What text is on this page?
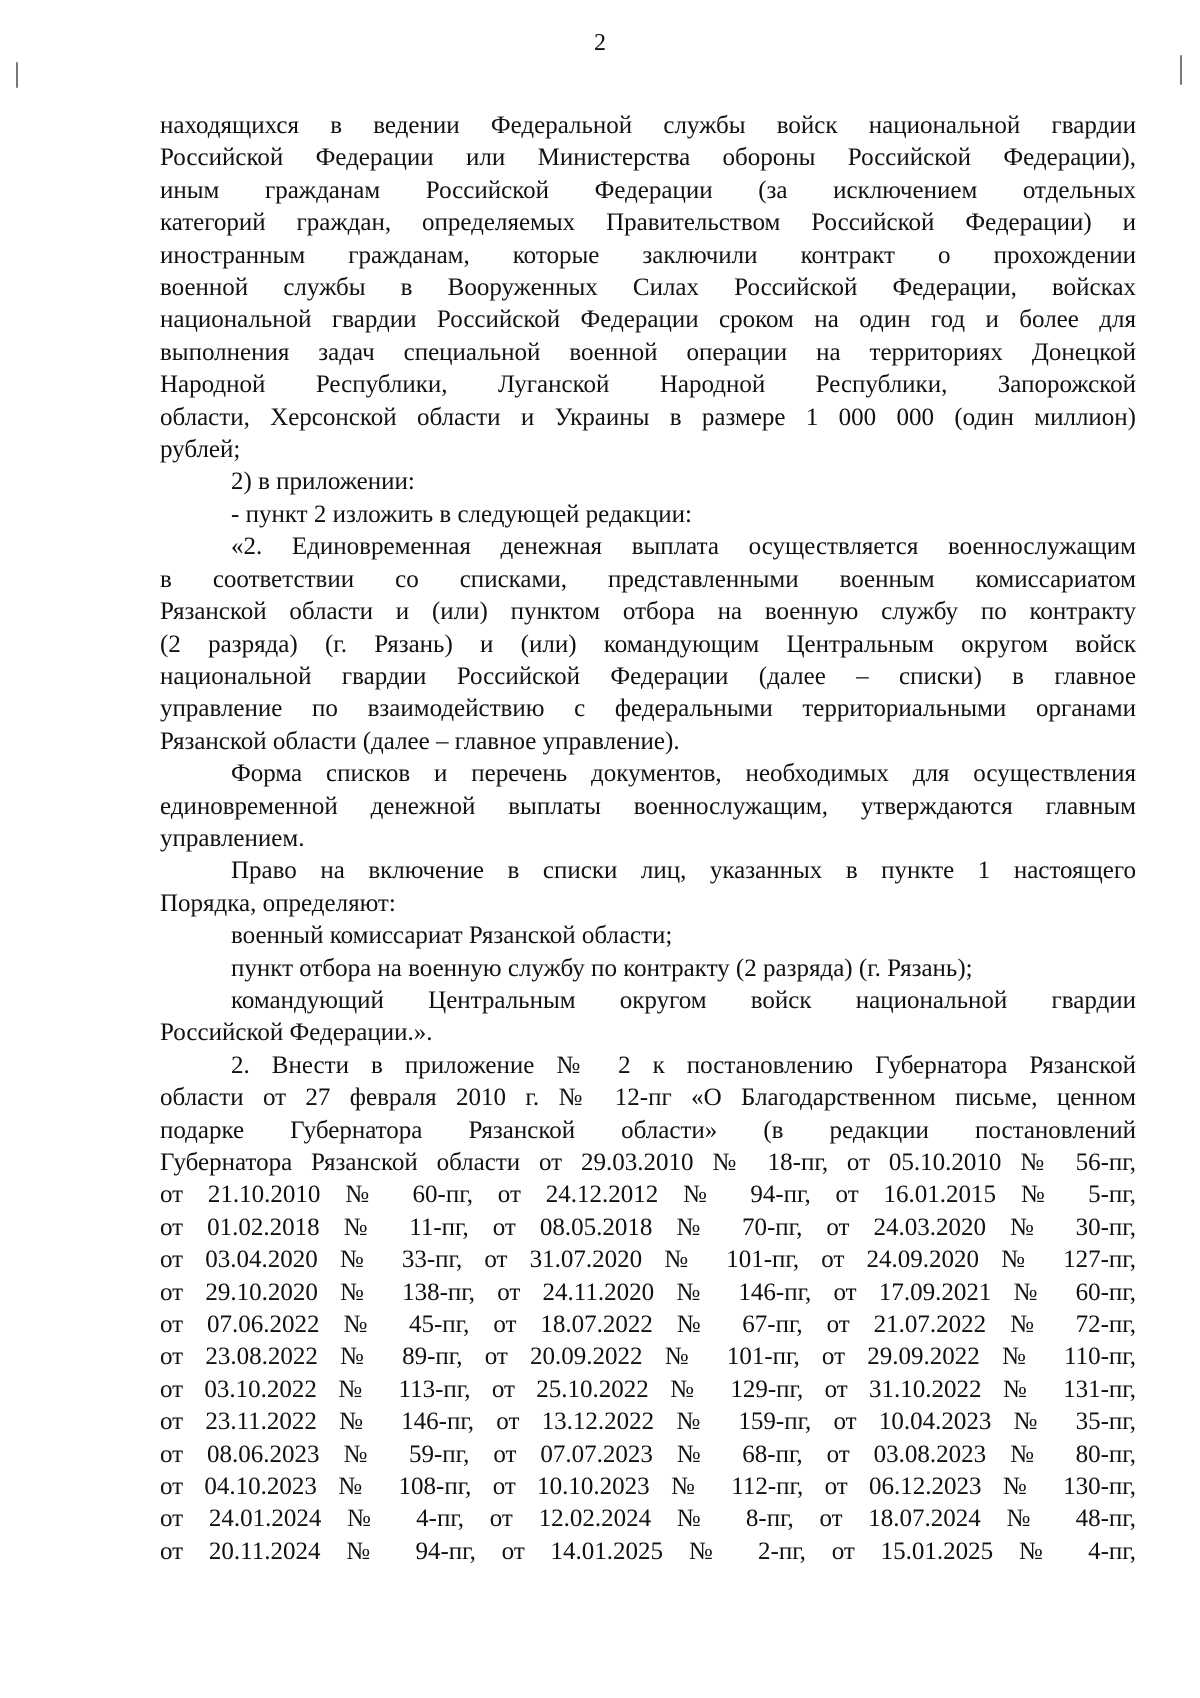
2
находящихся в ведении Федеральной службы войск национальной гвардии
Российской Федерации или Министерства обороны Российской Федерации),
иным гражданам Российской Федерации (за исключением отдельных
категорий граждан, определяемых Правительством Российской Федерации) и
иностранным гражданам, которые заключили контракт о прохождении
военной службы в Вооруженных Силах Российской Федерации, войсках
национальной гвардии Российской Федерации сроком на один год и более для
выполнения задач специальной военной операции на территориях Донецкой
Народной Республики, Луганской Народной Республики, Запорожской
области, Херсонской области и Украины в размере 1 000 000 (один миллион)
рублей;
2) в приложении:
- пункт 2 изложить в следующей редакции:
«2. Единовременная денежная выплата осуществляется военнослужащим
в соответствии со списками, представленными военным комиссариатом
Рязанской области и (или) пунктом отбора на военную службу по контракту
(2 разряда) (г. Рязань) и (или) командующим Центральным округом войск
национальной гвардии Российской Федерации (далее – списки) в главное
управление по взаимодействию с федеральными территориальными органами
Рязанской области (далее – главное управление).
Форма списков и перечень документов, необходимых для осуществления
единовременной денежной выплаты военнослужащим, утверждаются главным
управлением.
Право на включение в списки лиц, указанных в пункте 1 настоящего
Порядка, определяют:
военный комиссариат Рязанской области;
пункт отбора на военную службу по контракту (2 разряда) (г. Рязань);
командующий Центральным округом войск национальной гвардии
Российской Федерации.».
2. Внести в приложение № 2 к постановлению Губернатора Рязанской
области от 27 февраля 2010 г. № 12-пг «О Благодарственном письме, ценном
подарке Губернатора Рязанской области» (в редакции постановлений
Губернатора Рязанской области от 29.03.2010 № 18-пг, от 05.10.2010 № 56-пг,
от 21.10.2010 № 60-пг, от 24.12.2012 № 94-пг, от 16.01.2015 № 5-пг,
от 01.02.2018 № 11-пг, от 08.05.2018 № 70-пг, от 24.03.2020 № 30-пг,
от 03.04.2020 № 33-пг, от 31.07.2020 № 101-пг, от 24.09.2020 № 127-пг,
от 29.10.2020 № 138-пг, от 24.11.2020 № 146-пг, от 17.09.2021 № 60-пг,
от 07.06.2022 № 45-пг, от 18.07.2022 № 67-пг, от 21.07.2022 № 72-пг,
от 23.08.2022 № 89-пг, от 20.09.2022 № 101-пг, от 29.09.2022 № 110-пг,
от 03.10.2022 № 113-пг, от 25.10.2022 № 129-пг, от 31.10.2022 № 131-пг,
от 23.11.2022 № 146-пг, от 13.12.2022 № 159-пг, от 10.04.2023 № 35-пг,
от 08.06.2023 № 59-пг, от 07.07.2023 № 68-пг, от 03.08.2023 № 80-пг,
от 04.10.2023 № 108-пг, от 10.10.2023 № 112-пг, от 06.12.2023 № 130-пг,
от 24.01.2024 № 4-пг, от 12.02.2024 № 8-пг, от 18.07.2024 № 48-пг,
от 20.11.2024 № 94-пг, от 14.01.2025 № 2-пг, от 15.01.2025 № 4-пг,
